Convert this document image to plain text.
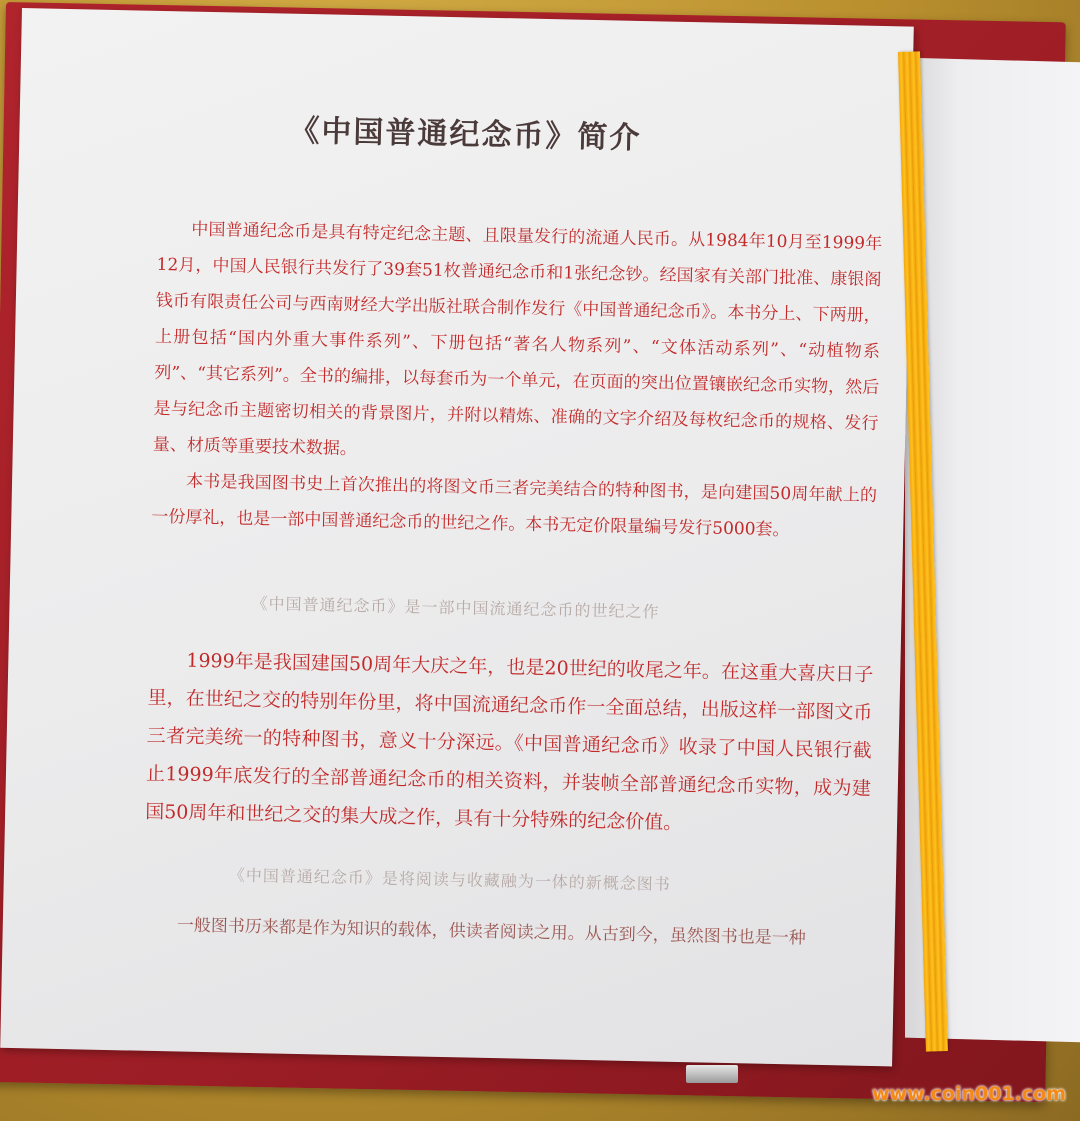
《中国普通纪念币》简介

中国普通纪念币是具有特定纪念主题、且限量发行的流通人民币。从1984年10月至1999年12月，中国人民银行共发行了39套51枚普通纪念币和1张纪念钞。经国家有关部门批准、康银阁钱币有限责任公司与西南财经大学出版社联合制作发行《中国普通纪念币》。本书分上、下两册，上册包括“国内外重大事件系列”、下册包括“著名人物系列”、“文体活动系列”、“动植物系列”、“其它系列”。全书的编排，以每套币为一个单元，在页面的突出位置镶嵌纪念币实物，然后是与纪念币主题密切相关的背景图片，并附以精炼、准确的文字介绍及每枚纪念币的规格、发行量、材质等重要技术数据。

本书是我国图书史上首次推出的将图文币三者完美结合的特种图书，是向建国50周年献上的一份厚礼，也是一部中国普通纪念币的世纪之作。本书无定价限量编号发行5000套。

《中国普通纪念币》是一部中国流通纪念币的世纪之作

1999年是我国建国50周年大庆之年，也是20世纪的收尾之年。在这重大喜庆日子里，在世纪之交的特别年份里，将中国流通纪念币作一全面总结，出版这样一部图文币三者完美统一的特种图书，意义十分深远。《中国普通纪念币》收录了中国人民银行截止1999年底发行的全部普通纪念币的相关资料，并装帧全部普通纪念币实物，成为建国50周年和世纪之交的集大成之作，具有十分特殊的纪念价值。

《中国普通纪念币》是将阅读与收藏融为一体的新概念图书

一般图书历来都是作为知识的载体，供读者阅读之用。从古到今，虽然图书也是一种

www.coin001.com
